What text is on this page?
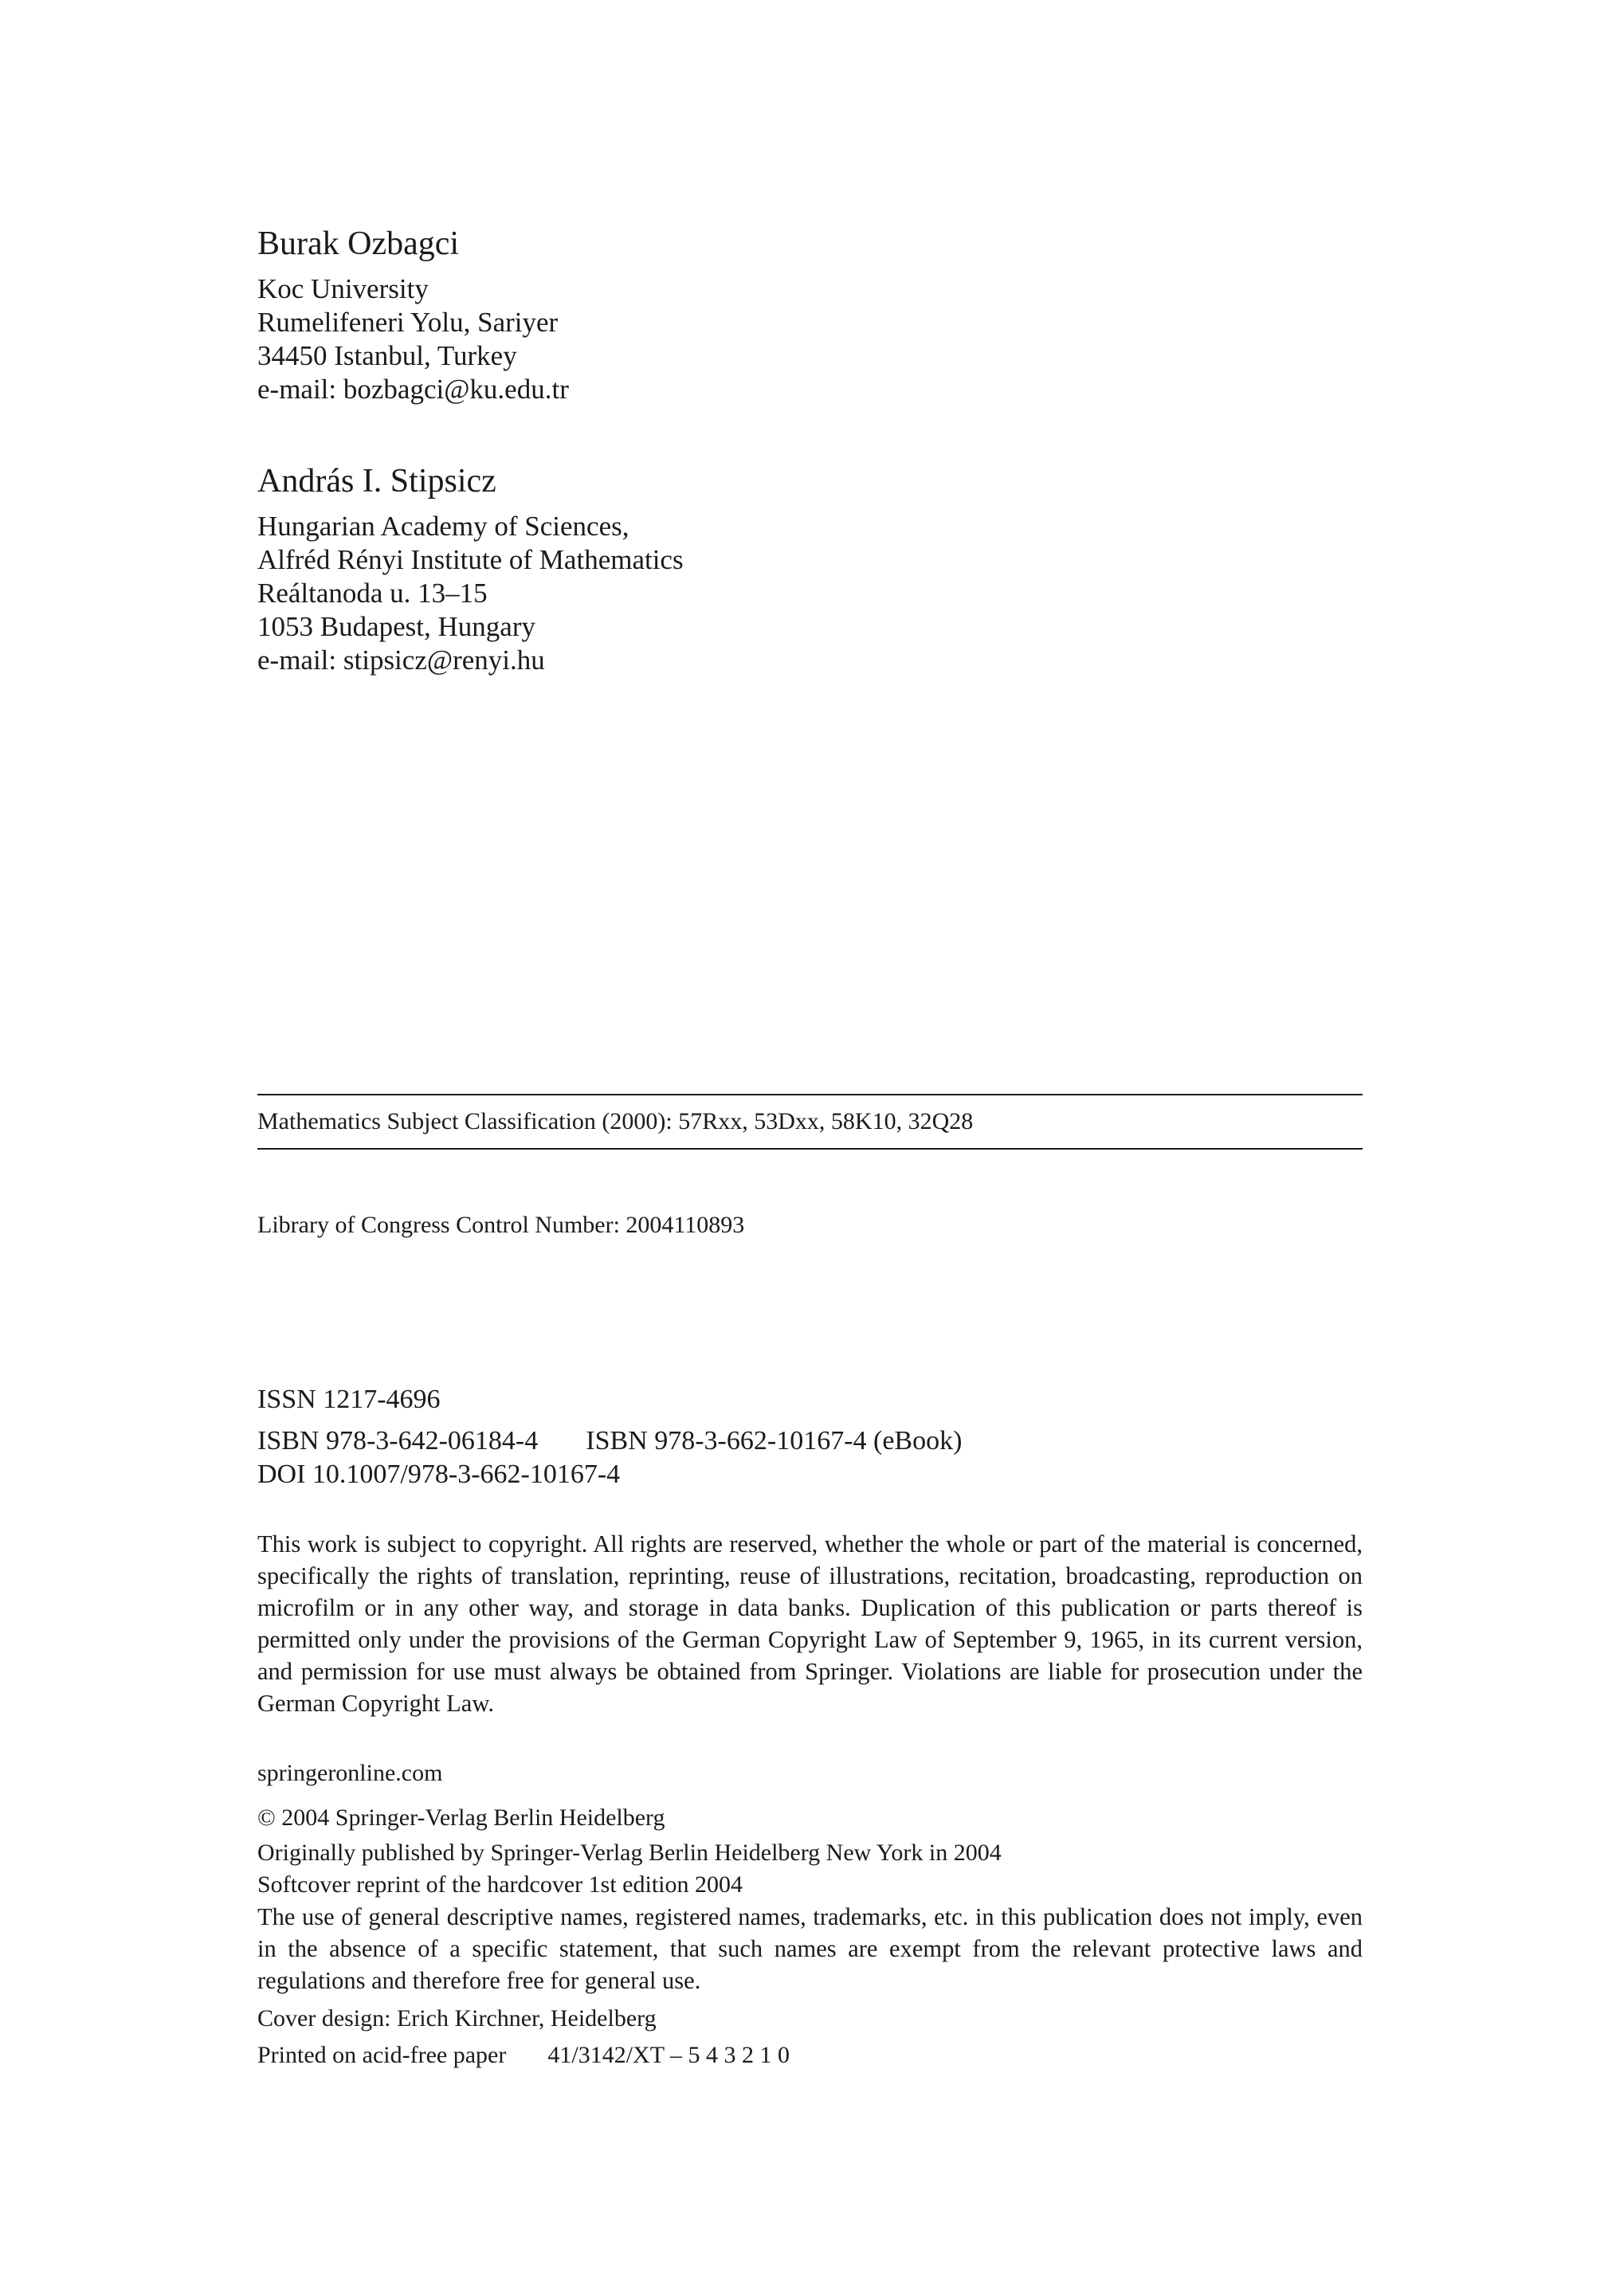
Burak Ozbagci

Koc University

Rumelifeneri Yolu, Sariyer

34450 Istanbul, Turkey

e-mail: bozbagci@ku.edu.tr

András I. Stipsicz

Hungarian Academy of Sciences,

Alfréd Rényi Institute of Mathematics

Reáltanoda u. 13–15

1053 Budapest, Hungary

e-mail: stipsicz@renyi.hu

Mathematics Subject Classification (2000): 57Rxx, 53Dxx, 58K10, 32Q28

Library of Congress Control Number: 2004110893

ISSN 1217-4696

ISBN 978-3-642-06184-4 ISBN 978-3-662-10167-4 (eBook)

DOI 10.1007/978-3-662-10167-4

This work is subject to copyright. All rights are reserved, whether the whole or part of the material is concerned, specifically the rights of translation, reprinting, reuse of illustrations, recitation, broadcasting, reproduction on microfilm or in any other way, and storage in data banks. Duplication of this publication or parts thereof is permitted only under the provisions of the German Copyright Law of September 9, 1965, in its current version, and permission for use must always be obtained from Springer. Violations are liable for prosecution under the German Copyright Law.

springeronline.com

© 2004 Springer-Verlag Berlin Heidelberg

Originally published by Springer-Verlag Berlin Heidelberg New York in 2004

Softcover reprint of the hardcover 1st edition 2004

The use of general descriptive names, registered names, trademarks, etc. in this publication does not imply, even in the absence of a specific statement, that such names are exempt from the relevant protective laws and regulations and therefore free for general use.

Cover design: Erich Kirchner, Heidelberg

Printed on acid-free paper 41/3142/XT – 5 4 3 2 1 0
